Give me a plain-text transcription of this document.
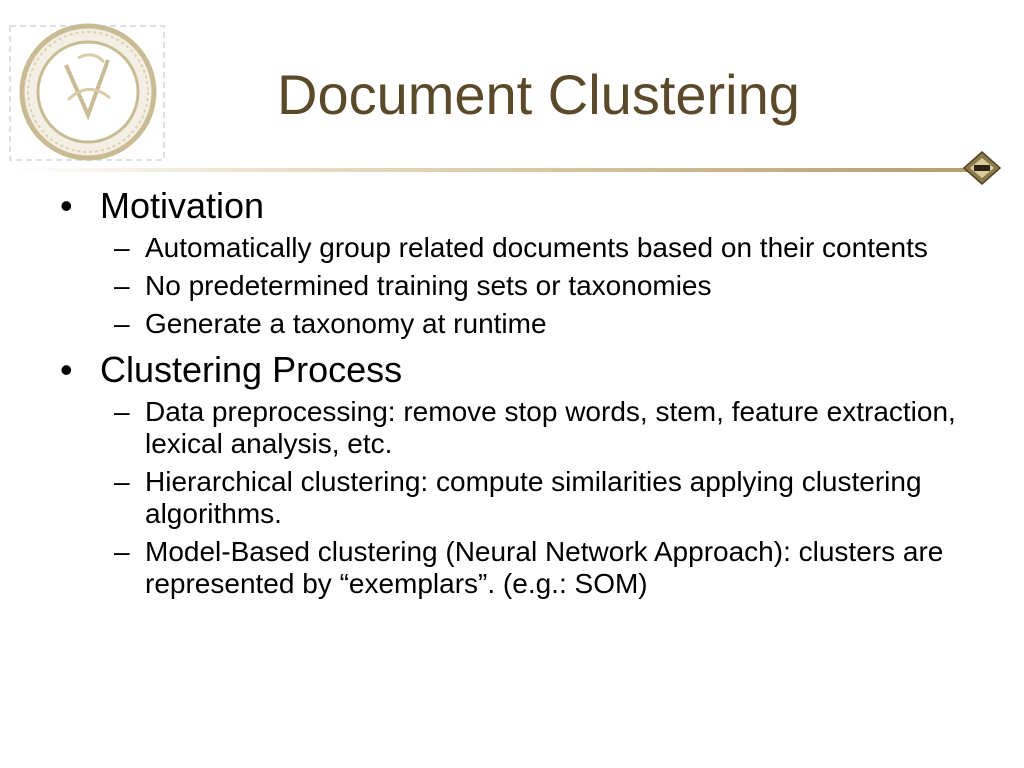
Document Clustering
• Motivation
– Automatically group related documents based on their contents
– No predetermined training sets or taxonomies
– Generate a taxonomy at runtime
• Clustering Process
– Data preprocessing: remove stop words, stem, feature extraction, lexical analysis, etc.
– Hierarchical clustering: compute similarities applying clustering algorithms.
– Model-Based clustering (Neural Network Approach): clusters are represented by “exemplars”. (e.g.: SOM)
